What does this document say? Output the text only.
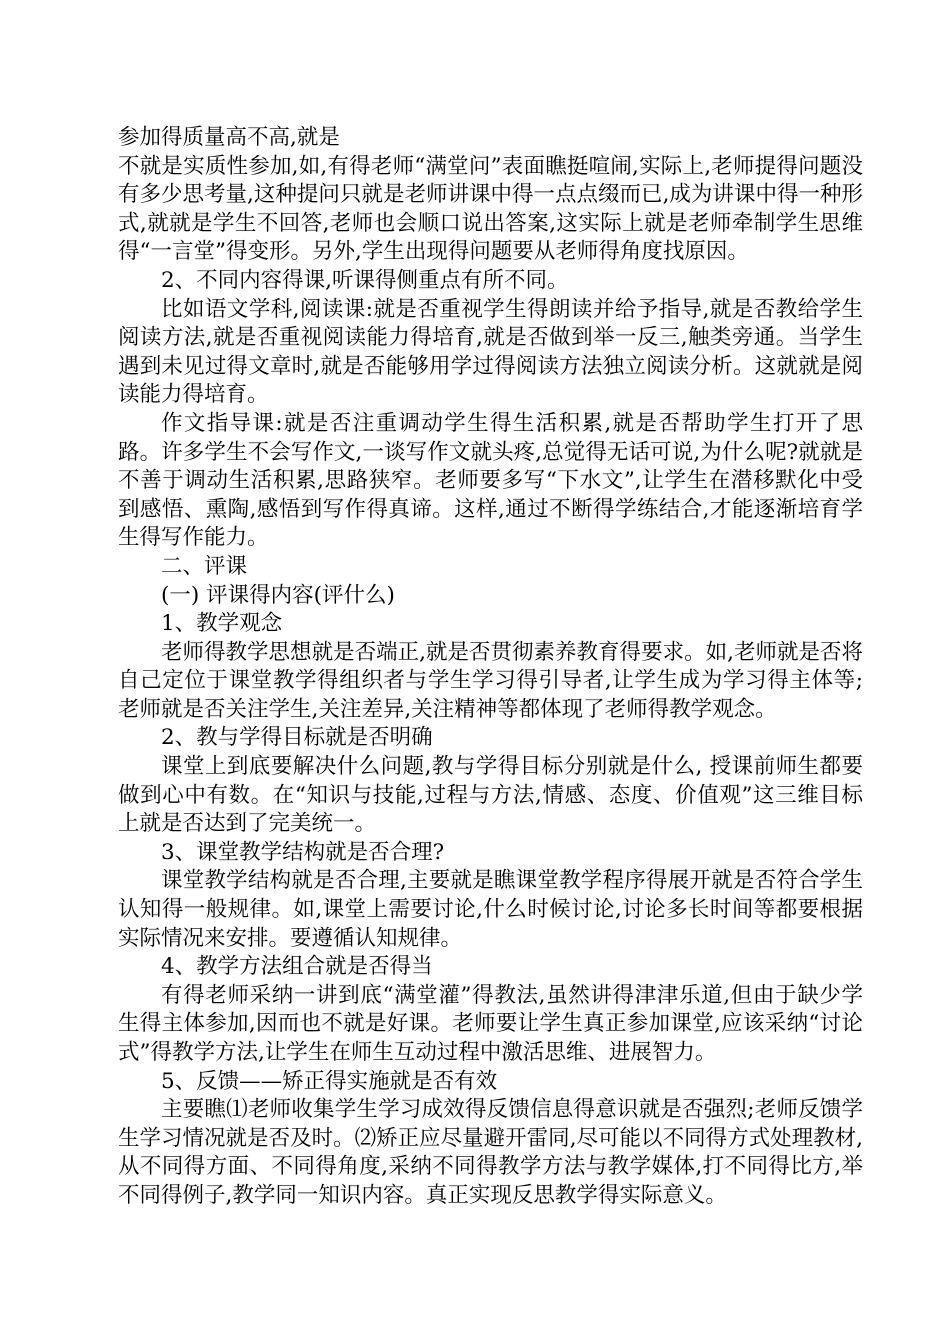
参加得质量高不高,就是

不就是实质性参加,如,有得老师“满堂问”表面瞧挺喧闹,实际上,老师提得问题没有多少思考量,这种提问只就是老师讲课中得一点点缀而已,成为讲课中得一种形式,就就是学生不回答,老师也会顺口说出答案,这实际上就是老师牵制学生思维得“一言堂”得变形。另外,学生出现得问题要从老师得角度找原因。

2、不同内容得课,听课得侧重点有所不同。

比如语文学科,阅读课:就是否重视学生得朗读并给予指导,就是否教给学生阅读方法,就是否重视阅读能力得培育,就是否做到举一反三,触类旁通。当学生遇到未见过得文章时,就是否能够用学过得阅读方法独立阅读分析。这就就是阅读能力得培育。

作文指导课:就是否注重调动学生得生活积累,就是否帮助学生打开了思路。许多学生不会写作文,一谈写作文就头疼,总觉得无话可说,为什么呢?就就是不善于调动生活积累,思路狭窄。老师要多写“下水文”,让学生在潜移默化中受到感悟、熏陶,感悟到写作得真谛。这样,通过不断得学练结合,才能逐渐培育学生得写作能力。

二、评课

(一) 评课得内容(评什么)

1、教学观念

老师得教学思想就是否端正,就是否贯彻素养教育得要求。如,老师就是否将自己定位于课堂教学得组织者与学生学习得引导者,让学生成为学习得主体等;老师就是否关注学生,关注差异,关注精神等都体现了老师得教学观念。

2、教与学得目标就是否明确

课堂上到底要解决什么问题,教与学得目标分别就是什么, 授课前师生都要做到心中有数。在“知识与技能,过程与方法,情感、态度、价值观”这三维目标上就是否达到了完美统一。

3、课堂教学结构就是否合理?

课堂教学结构就是否合理,主要就是瞧课堂教学程序得展开就是否符合学生认知得一般规律。如,课堂上需要讨论,什么时候讨论,讨论多长时间等都要根据实际情况来安排。要遵循认知规律。

4、教学方法组合就是否得当

有得老师采纳一讲到底“满堂灌”得教法,虽然讲得津津乐道,但由于缺少学生得主体参加,因而也不就是好课。老师要让学生真正参加课堂,应该采纳“讨论式”得教学方法,让学生在师生互动过程中激活思维、进展智力。

5、反馈——矫正得实施就是否有效

主要瞧⑴老师收集学生学习成效得反馈信息得意识就是否强烈;老师反馈学生学习情况就是否及时。⑵矫正应尽量避开雷同,尽可能以不同得方式处理教材,从不同得方面、不同得角度,采纳不同得教学方法与教学媒体,打不同得比方,举不同得例子,教学同一知识内容。真正实现反思教学得实际意义。
